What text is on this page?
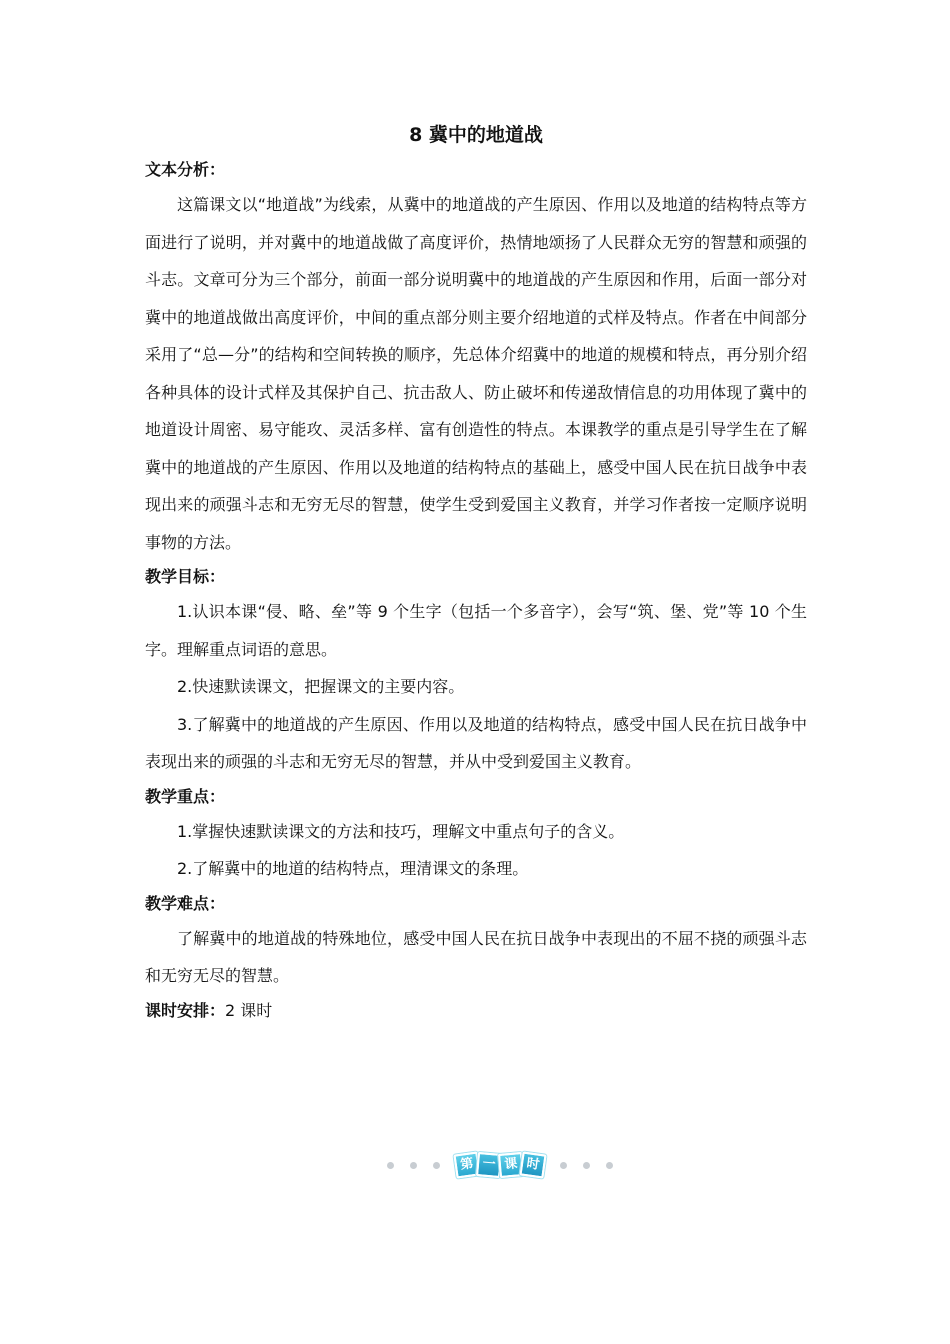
8 冀中的地道战

文本分析：

这篇课文以“地道战”为线索，从冀中的地道战的产生原因、作用以及地道的结构特点等方面进行了说明，并对冀中的地道战做了高度评价，热情地颂扬了人民群众无穷的智慧和顽强的斗志。文章可分为三个部分，前面一部分说明冀中的地道战的产生原因和作用，后面一部分对冀中的地道战做出高度评价，中间的重点部分则主要介绍地道的式样及特点。作者在中间部分采用了“总—分”的结构和空间转换的顺序，先总体介绍冀中的地道的规模和特点，再分别介绍各种具体的设计式样及其保护自己、抗击敌人、防止破坏和传递敌情信息的功用体现了冀中的地道设计周密、易守能攻、灵活多样、富有创造性的特点。本课教学的重点是引导学生在了解冀中的地道战的产生原因、作用以及地道的结构特点的基础上，感受中国人民在抗日战争中表现出来的顽强斗志和无穷无尽的智慧，使学生受到爱国主义教育，并学习作者按一定顺序说明事物的方法。

教学目标：

1.认识本课“侵、略、垒”等 9 个生字（包括一个多音字），会写“筑、堡、党”等 10 个生字。理解重点词语的意思。

2.快速默读课文，把握课文的主要内容。

3.了解冀中的地道战的产生原因、作用以及地道的结构特点，感受中国人民在抗日战争中表现出来的顽强的斗志和无穷无尽的智慧，并从中受到爱国主义教育。

教学重点：

1.掌握快速默读课文的方法和技巧，理解文中重点句子的含义。

2.了解冀中的地道的结构特点，理清课文的条理。

教学难点：

了解冀中的地道战的特殊地位，感受中国人民在抗日战争中表现出的不屈不挠的顽强斗志和无穷无尽的智慧。

课时安排：2 课时

第 一 课 时
